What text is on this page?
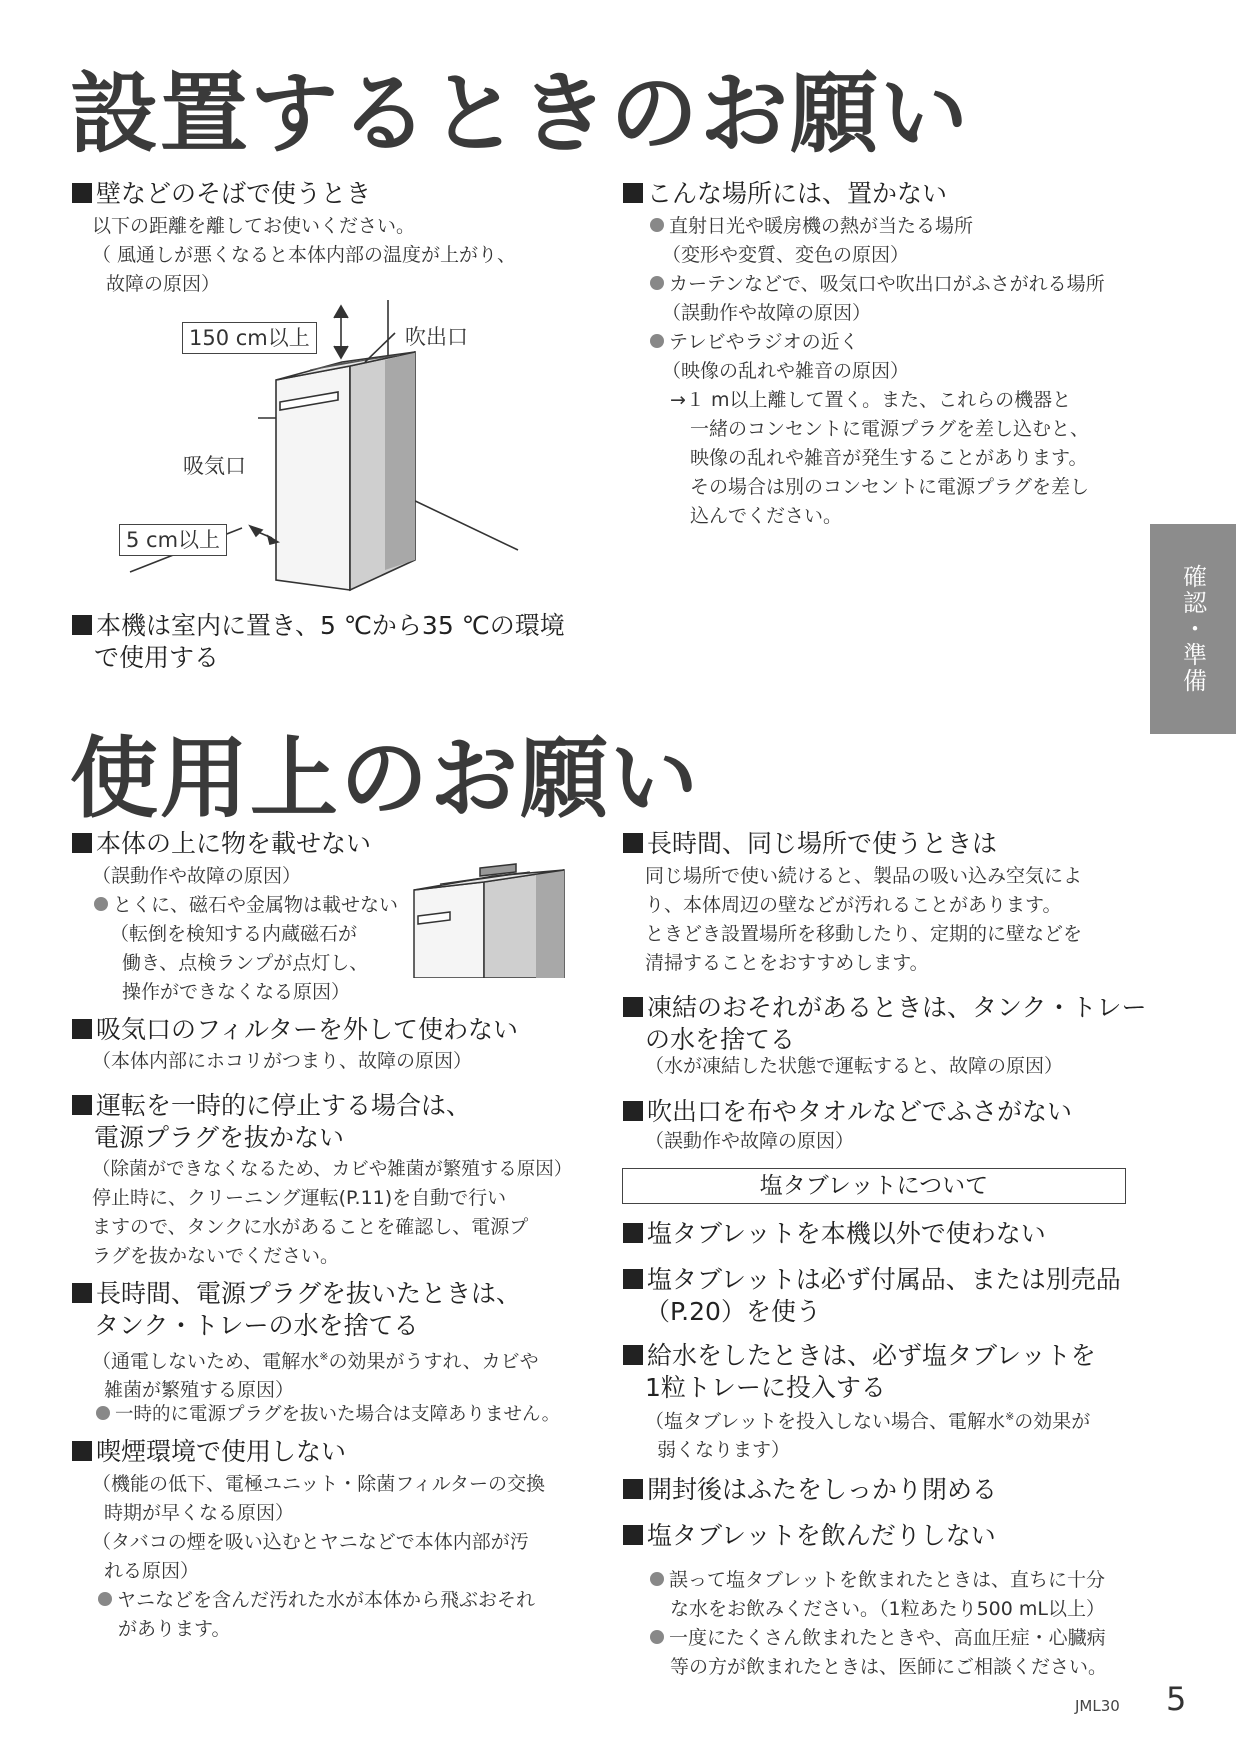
設置するときのお願い
壁などのそばで使うとき

以下の距離を離してお使いください。

（ 風通しが悪くなると本体内部の温度が上がり、
故障の原因）

150 cm以上	吹出口
吸気口
5 cm以上
本機は室内に置き、5 ℃から35 ℃の環境
で使用する
こんな場所には、置かない

直射日光や暖房機の熱が当たる場所
（変形や変質、変色の原因）

カーテンなどで、吸気口や吹出口がふさがれる場所
（誤動作や故障の原因）

テレビやラジオの近く
（映像の乱れや雑音の原因）

→１ m以上離して置く。また、これらの機器と
一緒のコンセントに電源プラグを差し込むと、
映像の乱れや雑音が発生することがあります。
その場合は別のコンセントに電源プラグを差し
込んでください。

確認・準備
使用上のお願い
本体の上に物を載せない

（誤動作や故障の原因）

とくに、磁石や金属物は載せない
（転倒を検知する内蔵磁石が
働き、点検ランプが点灯し、
操作ができなくなる原因）

吸気口のフィルターを外して使わない

（本体内部にホコリがつまり、故障の原因）

運転を一時的に停止する場合は、
電源プラグを抜かない

（除菌ができなくなるため、カビや雑菌が繁殖する原因）

停止時に、クリーニング運転(P.11)を自動で行い
ますので、タンクに水があることを確認し、電源プ
ラグを抜かないでください。

長時間、電源プラグを抜いたときは、
タンク・トレーの水を捨てる

（通電しないため、電解水※の効果がうすれ、カビや
雑菌が繁殖する原因）

一時的に電源プラグを抜いた場合は支障ありません。

喫煙環境で使用しない

（機能の低下、電極ユニット・除菌フィルターの交換
時期が早くなる原因）

（タバコの煙を吸い込むとヤニなどで本体内部が汚
れる原因）

ヤニなどを含んだ汚れた水が本体から飛ぶおそれ
があります。

長時間、同じ場所で使うときは

同じ場所で使い続けると、製品の吸い込み空気によ
り、本体周辺の壁などが汚れることがあります。
ときどき設置場所を移動したり、定期的に壁などを
清掃することをおすすめします。

凍結のおそれがあるときは、タンク・トレー
の水を捨てる

（水が凍結した状態で運転すると、故障の原因）

吹出口を布やタオルなどでふさがない

（誤動作や故障の原因）

塩タブレットについて
塩タブレットを本機以外で使わない
塩タブレットは必ず付属品、または別売品
（P.20）を使う
給水をしたときは、必ず塩タブレットを
1粒トレーに投入する

（塩タブレットを投入しない場合、電解水※の効果が
弱くなります）

開封後はふたをしっかり閉める
塩タブレットを飲んだりしない

誤って塩タブレットを飲まれたときは、直ちに十分
な水をお飲みください。（1粒あたり500 mL以上）

一度にたくさん飲まれたときや、高血圧症・心臓病
等の方が飲まれたときは、医師にご相談ください。

JML30 5
